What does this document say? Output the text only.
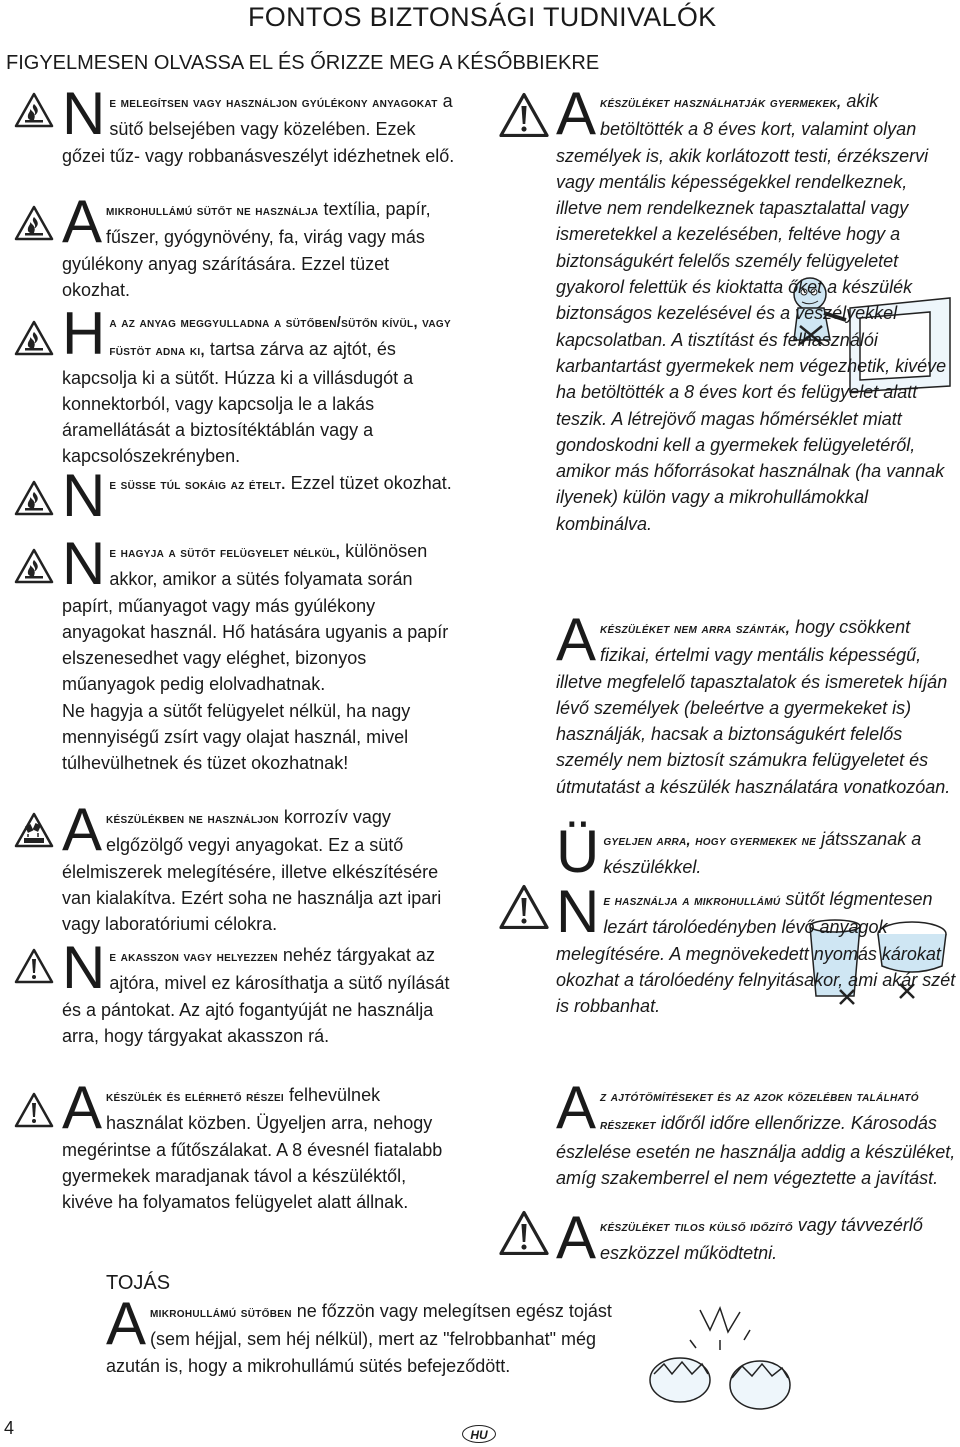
FONTOS BIZTONSÁGI TUDNIVALÓK
FIGYELMESEN OLVASSA EL ÉS ŐRIZZE MEG A KÉSŐBBIEKRE

Ne melegítsen vagy használjon gyúlékony anyagokat a sütő belsejében vagy közelében. Ezek gőzei tűz- vagy robbanásveszélyt idézhetnek elő.

Amikrohullámú sütőt ne használja textília, papír, fűszer, gyógynövény, fa, virág vagy más gyúlékony anyag szárítására. Ezzel tüzet okozhat.

Ha az anyag meggyulladna a sütőben/sütőn kívül, vagy füstöt adna ki, tartsa zárva az ajtót, és kapcsolja ki a sütőt. Húzza ki a villásdugót a konnektorból, vagy kapcsolja le a lakás áramellátását a biztosítéktáblán vagy a kapcsolószekrényben.

Ne süsse túl sokáig az ételt. Ezzel tüzet okozhat.

Ne hagyja a sütőt felügyelet nélkül, különösen akkor, amikor a sütés folyamata során papírt, műanyagot vagy más gyúlékony anyagokat használ. Hő hatására ugyanis a papír elszenesedhet vagy eléghet, bizonyos műanyagok pedig elolvadhatnak.

Ne hagyja a sütőt felügyelet nélkül, ha nagy mennyiségű zsírt vagy olajat használ, mivel túlhevülhetnek és tüzet okozhatnak!

Akészülékben ne használjon korrozív vagy elgőzölgő vegyi anyagokat. Ez a sütő élelmiszerek melegítésére, illetve elkészítésére van kialakítva. Ezért soha ne használja azt ipari vagy laboratóriumi célokra.

Ne akasszon vagy helyezzen nehéz tárgyakat az ajtóra, mivel ez károsíthatja a sütő nyílását és a pántokat. Az ajtó fogantyúját ne használja arra, hogy tárgyakat akasszon rá.

Akészülék és elérhető részei felhevülnek használat közben. Ügyeljen arra, nehogy megérintse a fűtőszálakat. A 8 évesnél fiatalabb gyermekek maradjanak távol a készüléktől, kivéve ha folyamatos felügyelet alatt állnak.

Akészüléket használhatják gyermekek, akik betöltötték a 8 éves kort, valamint olyan személyek is, akik korlátozott testi, érzékszervi vagy mentális képességekkel rendelkeznek, illetve nem rendelkeznek tapasztalattal vagy ismeretekkel a kezelésében, feltéve hogy a biztonságukért felelős személy felügyeletet gyakorol felettük és kioktatta őket a készülék biztonságos kezelésével és a veszélyekkel kapcsolatban. A tisztítást és felhasználói karbantartást gyermekek nem végezhetik, kivéve ha betöltötték a 8 éves kort és felügyelet alatt teszik. A létrejövő magas hőmérséklet miatt gondoskodni kell a gyermekek felügyeletéről, amikor más hőforrásokat használnak (ha vannak ilyenek) külön vagy a mikrohullámokkal kombinálva.

Akészüléket nem arra szánták, hogy csökkent fizikai, értelmi vagy mentális képességű, illetve megfelelő tapasztalatok és ismeretek híján lévő személyek (beleértve a gyermekeket is) használják, hacsak a biztonságukért felelős személy nem biztosít számukra felügyeletet és útmutatást a készülék használatára vonatkozóan.

Ügyeljen arra, hogy gyermekek ne játsszanak a készülékkel.

Ne használja a mikrohullámú sütőt légmentesen lezárt tárolóedényben lévő anyagok melegítésére. A megnövekedett nyomás károkat okozhat a tárolóedény felnyitásakor, ami akár szét is robbanhat.

Az ajtótömítéseket és az azok közelében található részeket időről időre ellenőrizze. Károsodás észlelése esetén ne használja addig a készüléket, amíg szakemberrel el nem végeztette a javítást.

Akészüléket tilos külső időzítő vagy távvezérlő eszközzel működtetni.

TOJÁS

Amikrohullámú sütőben ne főzzön vagy melegítsen egész tojást (sem héjjal, sem héj nélkül), mert az "felrobbanhat" még azután is, hogy a mikrohullámú sütés befejeződött.

4	HU
